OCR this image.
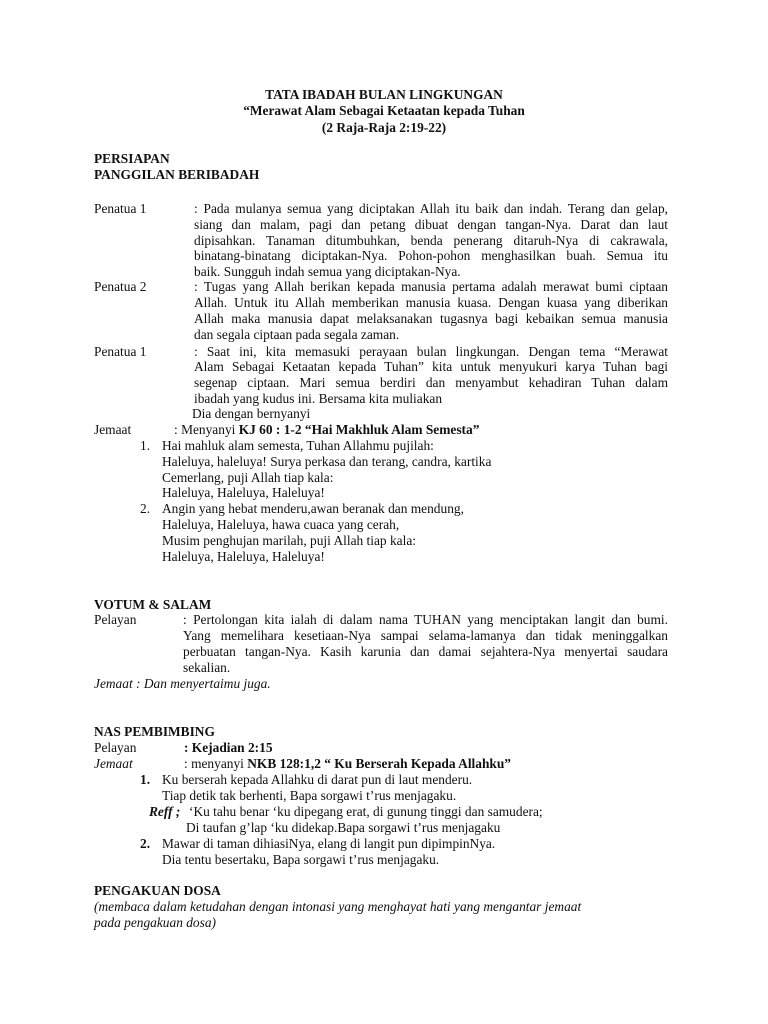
TATA IBADAH BULAN LINGKUNGAN
“Merawat Alam Sebagai Ketaatan kepada Tuhan
(2 Raja-Raja 2:19-22)
PERSIAPAN
PANGGILAN BERIBADAH
Penatua 1	: Pada mulanya semua yang diciptakan Allah itu baik dan indah. Terang dan gelap,
siang dan malam, pagi dan petang dibuat dengan tangan-Nya. Darat dan laut
dipisahkan. Tanaman ditumbuhkan, benda penerang ditaruh-Nya di cakrawala,
binatang-binatang diciptakan-Nya. Pohon-pohon menghasilkan buah. Semua itu
baik. Sungguh indah semua yang diciptakan-Nya.
Penatua 2	: Tugas yang Allah berikan kepada manusia pertama adalah merawat bumi ciptaan
Allah. Untuk itu Allah memberikan manusia kuasa. Dengan kuasa yang diberikan
Allah maka manusia dapat melaksanakan tugasnya bagi kebaikan semua manusia
dan segala ciptaan pada segala zaman.
Penatua 1	: Saat ini, kita memasuki perayaan bulan lingkungan. Dengan tema “Merawat
Alam Sebagai Ketaatan kepada Tuhan” kita untuk menyukuri karya Tuhan bagi
segenap ciptaan. Mari semua berdiri dan menyambut kehadiran Tuhan dalam
ibadah yang kudus ini. Bersama kita muliakan
Dia dengan bernyanyi
Jemaat	: Menyanyi KJ 60 : 1-2 “Hai Makhluk Alam Semesta”
1. Hai mahluk alam semesta, Tuhan Allahmu pujilah:
Haleluya, haleluya! Surya perkasa dan terang, candra, kartika
Cemerlang, puji Allah tiap kala:
Haleluya, Haleluya, Haleluya!
2. Angin yang hebat menderu,awan beranak dan mendung,
Haleluya, Haleluya, hawa cuaca yang cerah,
Musim penghujan marilah, puji Allah tiap kala:
Haleluya, Haleluya, Haleluya!
VOTUM & SALAM
Pelayan	: Pertolongan kita ialah di dalam nama TUHAN yang menciptakan langit dan bumi.
Yang memelihara kesetiaan-Nya sampai selama-lamanya dan tidak meninggalkan
perbuatan tangan-Nya. Kasih karunia dan damai sejahtera-Nya menyertai saudara
sekalian.
Jemaat : Dan menyertaimu juga.
NAS PEMBIMBING
Pelayan	: Kejadian 2:15
Jemaat	: menyanyi NKB 128:1,2 “ Ku Berserah Kepada Allahku”
1. Ku berserah kepada Allahku di darat pun di laut menderu.
Tiap detik tak berhenti, Bapa sorgawi t’rus menjagaku.
Reff ; ‘Ku tahu benar ‘ku dipegang erat, di gunung tinggi dan samudera;
Di taufan g’lap ‘ku didekap.Bapa sorgawi t’rus menjagaku
2. Mawar di taman dihiasiNya, elang di langit pun dipimpinNya.
Dia tentu besertaku, Bapa sorgawi t’rus menjagaku.
PENGAKUAN DOSA
(membaca dalam ketudahan dengan intonasi yang menghayat hati yang mengantar jemaat
pada pengakuan dosa)
